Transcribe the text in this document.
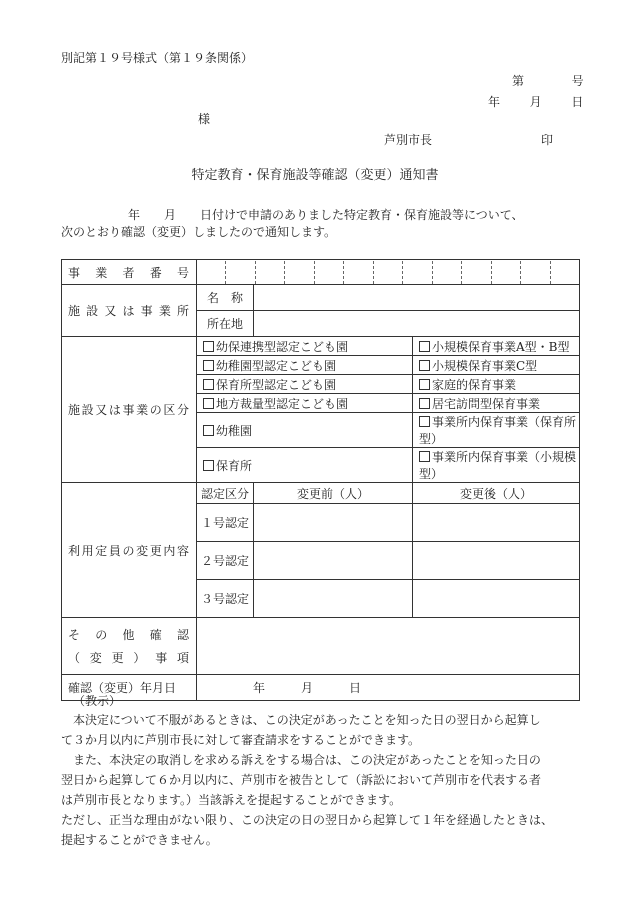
別記第１９号様式（第１９条関係）
第	号
年 月 日
様
芦別市長	印
特定教育・保育施設等確認（変更）通知書
年　　月　　日付けで申請のありました特定教育・保育施設等について、
次のとおり確認（変更）しましたので通知します。
事業者番号			

施設又は事業所	名　称		
	所在地		
施設又は事業の区分	幼保連携型認定こども園		小規模保育事業A型・B型
	幼稚園型認定こども園		小規模保育事業C型
	保育所型認定こども園		家庭的保育事業
	地方裁量型認定こども園		居宅訪問型保育事業
	幼稚園		事業所内保育事業（保育所型）
	保育所		事業所内保育事業（小規模型）
利用定員の変更内容	認定区分	変更前（人）	変更後（人）
	１号認定		
	２号認定		
	３号認定		

その他確認
（変更）事項			

確認（変更）年月日	年　　　月　　　日		
（教示）
　本決定について不服があるときは、この決定があったことを知った日の翌日から起算し
て３か月以内に芦別市長に対して審査請求をすることができます。
　また、本決定の取消しを求める訴えをする場合は、この決定があったことを知った日の
翌日から起算して６か月以内に、芦別市を被告として（訴訟において芦別市を代表する者
は芦別市長となります。）当該訴えを提起することができます。
ただし、正当な理由がない限り、この決定の日の翌日から起算して１年を経過したときは、
提起することができません。
